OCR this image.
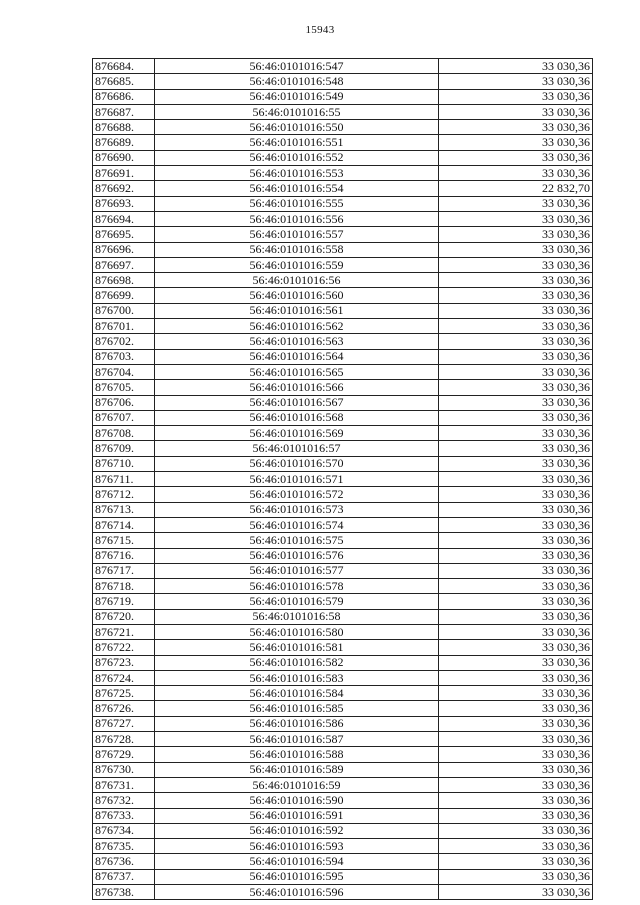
15943
876684.	56:46:0101016:547	33 030,36
876685.	56:46:0101016:548	33 030,36
876686.	56:46:0101016:549	33 030,36
876687.	56:46:0101016:55	33 030,36
876688.	56:46:0101016:550	33 030,36
876689.	56:46:0101016:551	33 030,36
876690.	56:46:0101016:552	33 030,36
876691.	56:46:0101016:553	33 030,36
876692.	56:46:0101016:554	22 832,70
876693.	56:46:0101016:555	33 030,36
876694.	56:46:0101016:556	33 030,36
876695.	56:46:0101016:557	33 030,36
876696.	56:46:0101016:558	33 030,36
876697.	56:46:0101016:559	33 030,36
876698.	56:46:0101016:56	33 030,36
876699.	56:46:0101016:560	33 030,36
876700.	56:46:0101016:561	33 030,36
876701.	56:46:0101016:562	33 030,36
876702.	56:46:0101016:563	33 030,36
876703.	56:46:0101016:564	33 030,36
876704.	56:46:0101016:565	33 030,36
876705.	56:46:0101016:566	33 030,36
876706.	56:46:0101016:567	33 030,36
876707.	56:46:0101016:568	33 030,36
876708.	56:46:0101016:569	33 030,36
876709.	56:46:0101016:57	33 030,36
876710.	56:46:0101016:570	33 030,36
876711.	56:46:0101016:571	33 030,36
876712.	56:46:0101016:572	33 030,36
876713.	56:46:0101016:573	33 030,36
876714.	56:46:0101016:574	33 030,36
876715.	56:46:0101016:575	33 030,36
876716.	56:46:0101016:576	33 030,36
876717.	56:46:0101016:577	33 030,36
876718.	56:46:0101016:578	33 030,36
876719.	56:46:0101016:579	33 030,36
876720.	56:46:0101016:58	33 030,36
876721.	56:46:0101016:580	33 030,36
876722.	56:46:0101016:581	33 030,36
876723.	56:46:0101016:582	33 030,36
876724.	56:46:0101016:583	33 030,36
876725.	56:46:0101016:584	33 030,36
876726.	56:46:0101016:585	33 030,36
876727.	56:46:0101016:586	33 030,36
876728.	56:46:0101016:587	33 030,36
876729.	56:46:0101016:588	33 030,36
876730.	56:46:0101016:589	33 030,36
876731.	56:46:0101016:59	33 030,36
876732.	56:46:0101016:590	33 030,36
876733.	56:46:0101016:591	33 030,36
876734.	56:46:0101016:592	33 030,36
876735.	56:46:0101016:593	33 030,36
876736.	56:46:0101016:594	33 030,36
876737.	56:46:0101016:595	33 030,36
876738.	56:46:0101016:596	33 030,36
